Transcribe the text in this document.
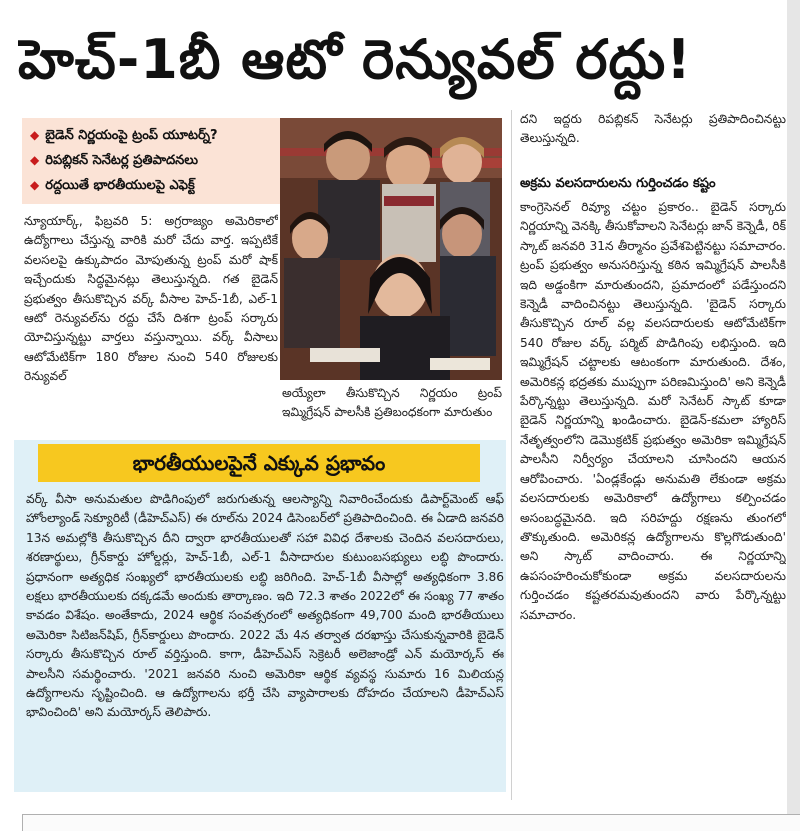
హెచ్‌-1బీ ఆటో రెన్యువల్‌ రద్దు!
◆ బైడెన్‌ నిర్ణయంపై ట్రంప్‌ యూటర్న్‌?
◆ రిపబ్లికన్‌ సెనేటర్ల ప్రతిపాదనలు
◆ రద్దయితే భారతీయులపై ఎఫెక్ట్‌

న్యూయార్క్‌, ఫిబ్రవరి 5: అగ్రరాజ్యం అమెరికాలో ఉద్యోగాలు చేస్తున్న వారికి మరో చేదు వార్త. ఇప్పటికే వలసలపై ఉక్కుపాదం మోపుతున్న ట్రంప్‌ మరో షాక్‌ ఇచ్చేందుకు సిద్ధమైనట్లు తెలుస్తున్నది. గత బైడెన్‌ ప్రభుత్వం తీసుకొచ్చిన వర్క్‌ వీసాల హెచ్‌-1బీ, ఎల్‌-1 ఆటో రెన్యువల్‌ను రద్దు చేసే దిశగా ట్రంప్‌ సర్కారు యోచిస్తున్నట్టు వార్తలు వస్తున్నాయి. వర్క్‌ వీసాలు ఆటోమేటిక్‌గా 180 రోజుల నుంచి 540 రోజులకు రెన్యువల్‌

అయ్యేలా తీసుకొచ్చిన నిర్ణయం ట్రంప్‌ ఇమ్మిగ్రేషన్‌ పాలసీకి ప్రతిబంధకంగా మారుతుం

దని ఇద్దరు రిపబ్లికన్‌ సెనేటర్లు ప్రతిపాదించినట్టు తెలుస్తున్నది.

అక్రమ వలసదారులను గుర్తించడం కష్టం

కాంగ్రెసెనల్‌ రివ్యూ చట్టం ప్రకారం.. బైడెన్‌ సర్కారు నిర్ణయాన్ని వెనక్కి తీసుకోవాలని సెనేటర్లు జాన్‌ కెన్నెడీ, రిక్‌ స్కాట్‌ జనవరి 31న తీర్మానం ప్రవేశపెట్టినట్టు సమాచారం. ట్రంప్‌ ప్రభుత్వం అనుసరిస్తున్న కఠిన ఇమ్మిగ్రేషన్‌ పాలసీకి ఇది అడ్డంకిగా మారుతుందని, ప్రమాదంలో పడేస్తుందని కెన్నెడీ వాదించినట్టు తెలుస్తున్నది. 'బైడెన్‌ సర్కారు తీసుకొచ్చిన రూల్‌ వల్ల వలసదారులకు ఆటోమేటిక్‌గా 540 రోజుల వర్క్‌ పర్మిట్‌ పొడిగింపు లభిస్తుంది. ఇది ఇమ్మిగ్రేషన్‌ చట్టాలకు ఆటంకంగా మారుతుంది. దేశం, అమెరికన్ల భద్రతకు ముప్పుగా పరిణమిస్తుంది' అని కెన్నెడీ పేర్కొన్నట్టు తెలుస్తున్నది. మరో సెనేటర్‌ స్కాట్‌ కూడా బైడెన్‌ నిర్ణయాన్ని ఖండించారు. బైడెన్‌-కమలా హ్యారిస్‌ నేతృత్వంలోని డెమొక్రటిక్‌ ప్రభుత్వం అమెరికా ఇమ్మిగ్రేషన్‌ పాలసీని నిర్వీర్యం చేయాలని చూసిందని ఆయన ఆరోపించారు. 'ఏండ్లకేండ్లు అనుమతి లేకుండా అక్రమ వలసదారులకు అమెరికాలో ఉద్యోగాలు కల్పించడం అసంబద్ధమైనది. ఇది సరిహద్దు రక్షణను తుంగలో తొక్కుతుంది. అమెరికన్ల ఉద్యోగాలను కొల్లగొడుతుంది' అని స్కాట్‌ వాదించారు. ఈ నిర్ణయాన్ని ఉపసంహరించుకోకుండా అక్రమ వలసదారులను గుర్తించడం కష్టతరమవుతుందని వారు పేర్కొన్నట్టు సమాచారం.

భారతీయులపైనే ఎక్కువ ప్రభావం

వర్క్‌ వీసా అనుమతుల పొడిగింపులో జరుగుతున్న ఆలస్యాన్ని నివారించేందుకు డిపార్ట్‌మెంట్‌ ఆఫ్‌ హోంల్యాండ్‌ సెక్యూరిటీ (డీహెచ్‌ఎస్‌) ఈ రూల్‌ను 2024 డిసెంబర్‌లో ప్రతిపాదించింది. ఈ ఏడాది జనవరి 13న అమల్లోకి తీసుకొచ్చిన దీని ద్వారా భారతీయులతో సహా వివిధ దేశాలకు చెందిన వలసదారులు, శరణార్థులు, గ్రీన్‌కార్డు హోల్డర్లు, హెచ్‌-1బీ, ఎల్‌-1 వీసాదారుల కుటుంబసభ్యులు లబ్ధి పొందారు. ప్రధానంగా అత్యధిక సంఖ్యలో భారతీయులకు లబ్ధి జరిగింది. హెచ్‌-1బీ వీసాల్లో అత్యధికంగా 3.86 లక్షలు భారతీయులకు దక్కడమే అందుకు తార్కాణం. ఇది 72.3 శాతం 2022లో ఈ సంఖ్య 77 శాతం కావడం విశేషం. అంతేకాదు, 2024 ఆర్థిక సంవత్సరంలో అత్యధికంగా 49,700 మంది భారతీయులు అమెరికా సిటిజన్‌షిప్‌, గ్రీన్‌కార్డులు పొందారు. 2022 మే 4న తర్వాత దరఖాస్తు చేసుకున్నవారికి బైడెన్‌ సర్కారు తీసుకొచ్చిన రూల్‌ వర్తిస్తుంది. కాగా, డీహెచ్‌ఎస్‌ సెక్రెటరీ అలెజాండ్రో ఎన్‌ మయోర్కస్‌ ఈ పాలసీని సమర్థించారు. '2021 జనవరి నుంచి అమెరికా ఆర్థిక వ్యవస్థ సుమారు 16 మిలియన్ల ఉద్యోగాలను సృష్టించింది. ఆ ఉద్యోగాలను భర్తీ చేసి వ్యాపారాలకు దోహదం చేయాలని డీహెచ్‌ఎస్‌ భావించింది' అని మయోర్కస్‌ తెలిపారు.
